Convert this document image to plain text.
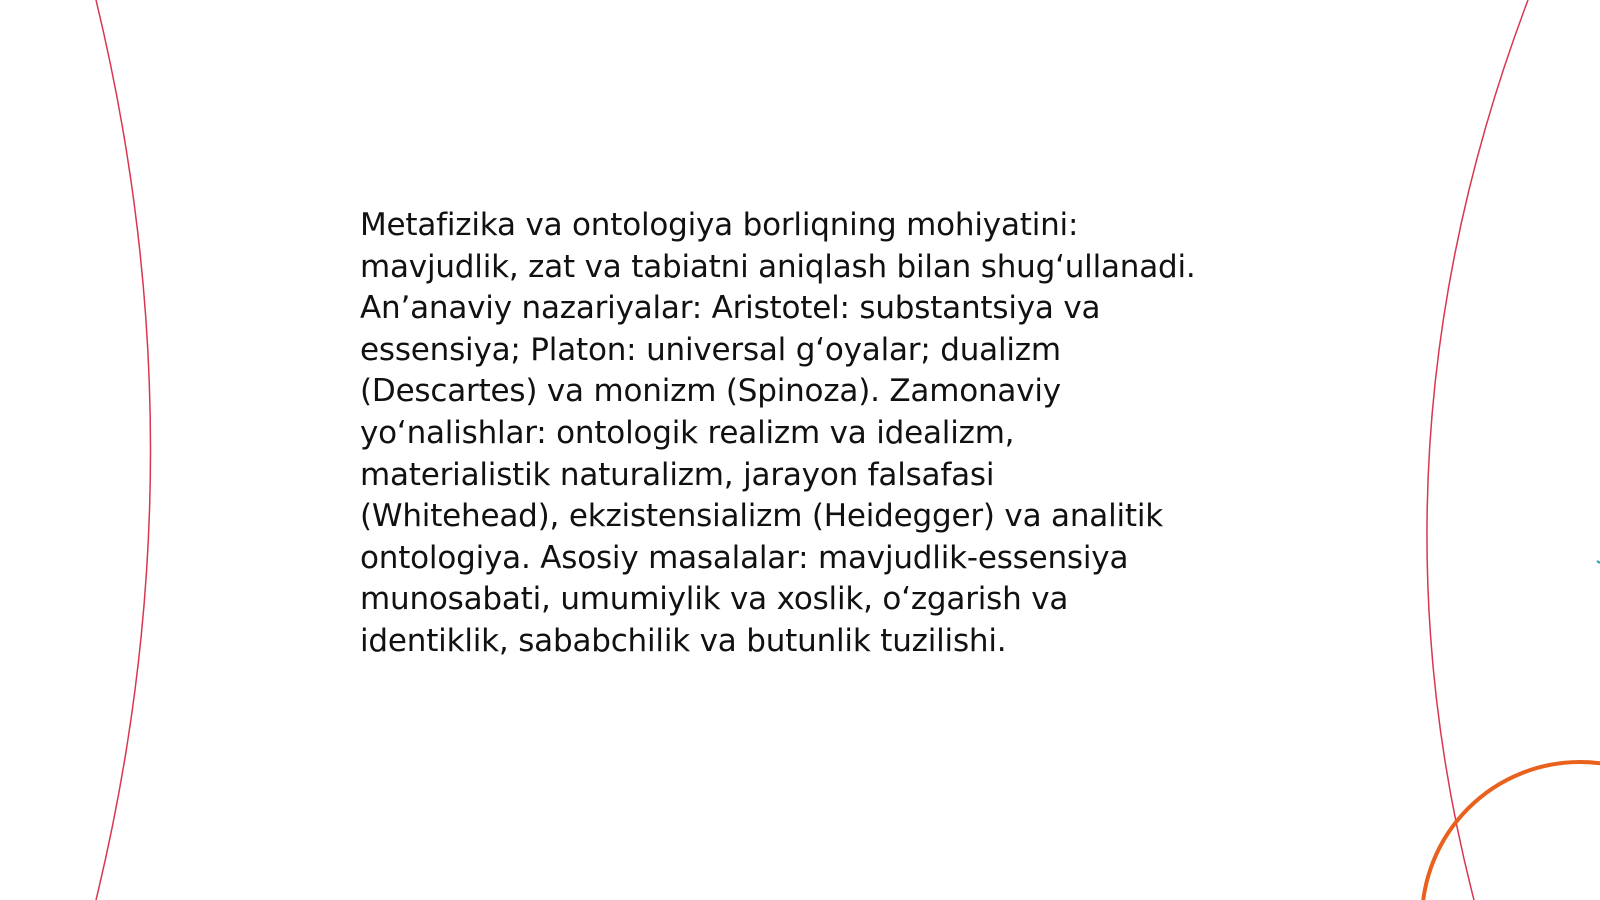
Metafizika va ontologiya borliqning mohiyatini:
mavjudlik, zat va tabiatni aniqlash bilan shug‘ullanadi.
An’anaviy nazariyalar: Aristotel: substantsiya va
essensiya; Platon: universal g‘oyalar; dualizm
(Descartes) va monizm (Spinoza). Zamonaviy
yo‘nalishlar: ontologik realizm va idealizm,
materialistik naturalizm, jarayon falsafasi
(Whitehead), ekzistensializm (Heidegger) va analitik
ontologiya. Asosiy masalalar: mavjudlik-essensiya
munosabati, umumiylik va xoslik, o‘zgarish va
identiklik, sababchilik va butunlik tuzilishi.
